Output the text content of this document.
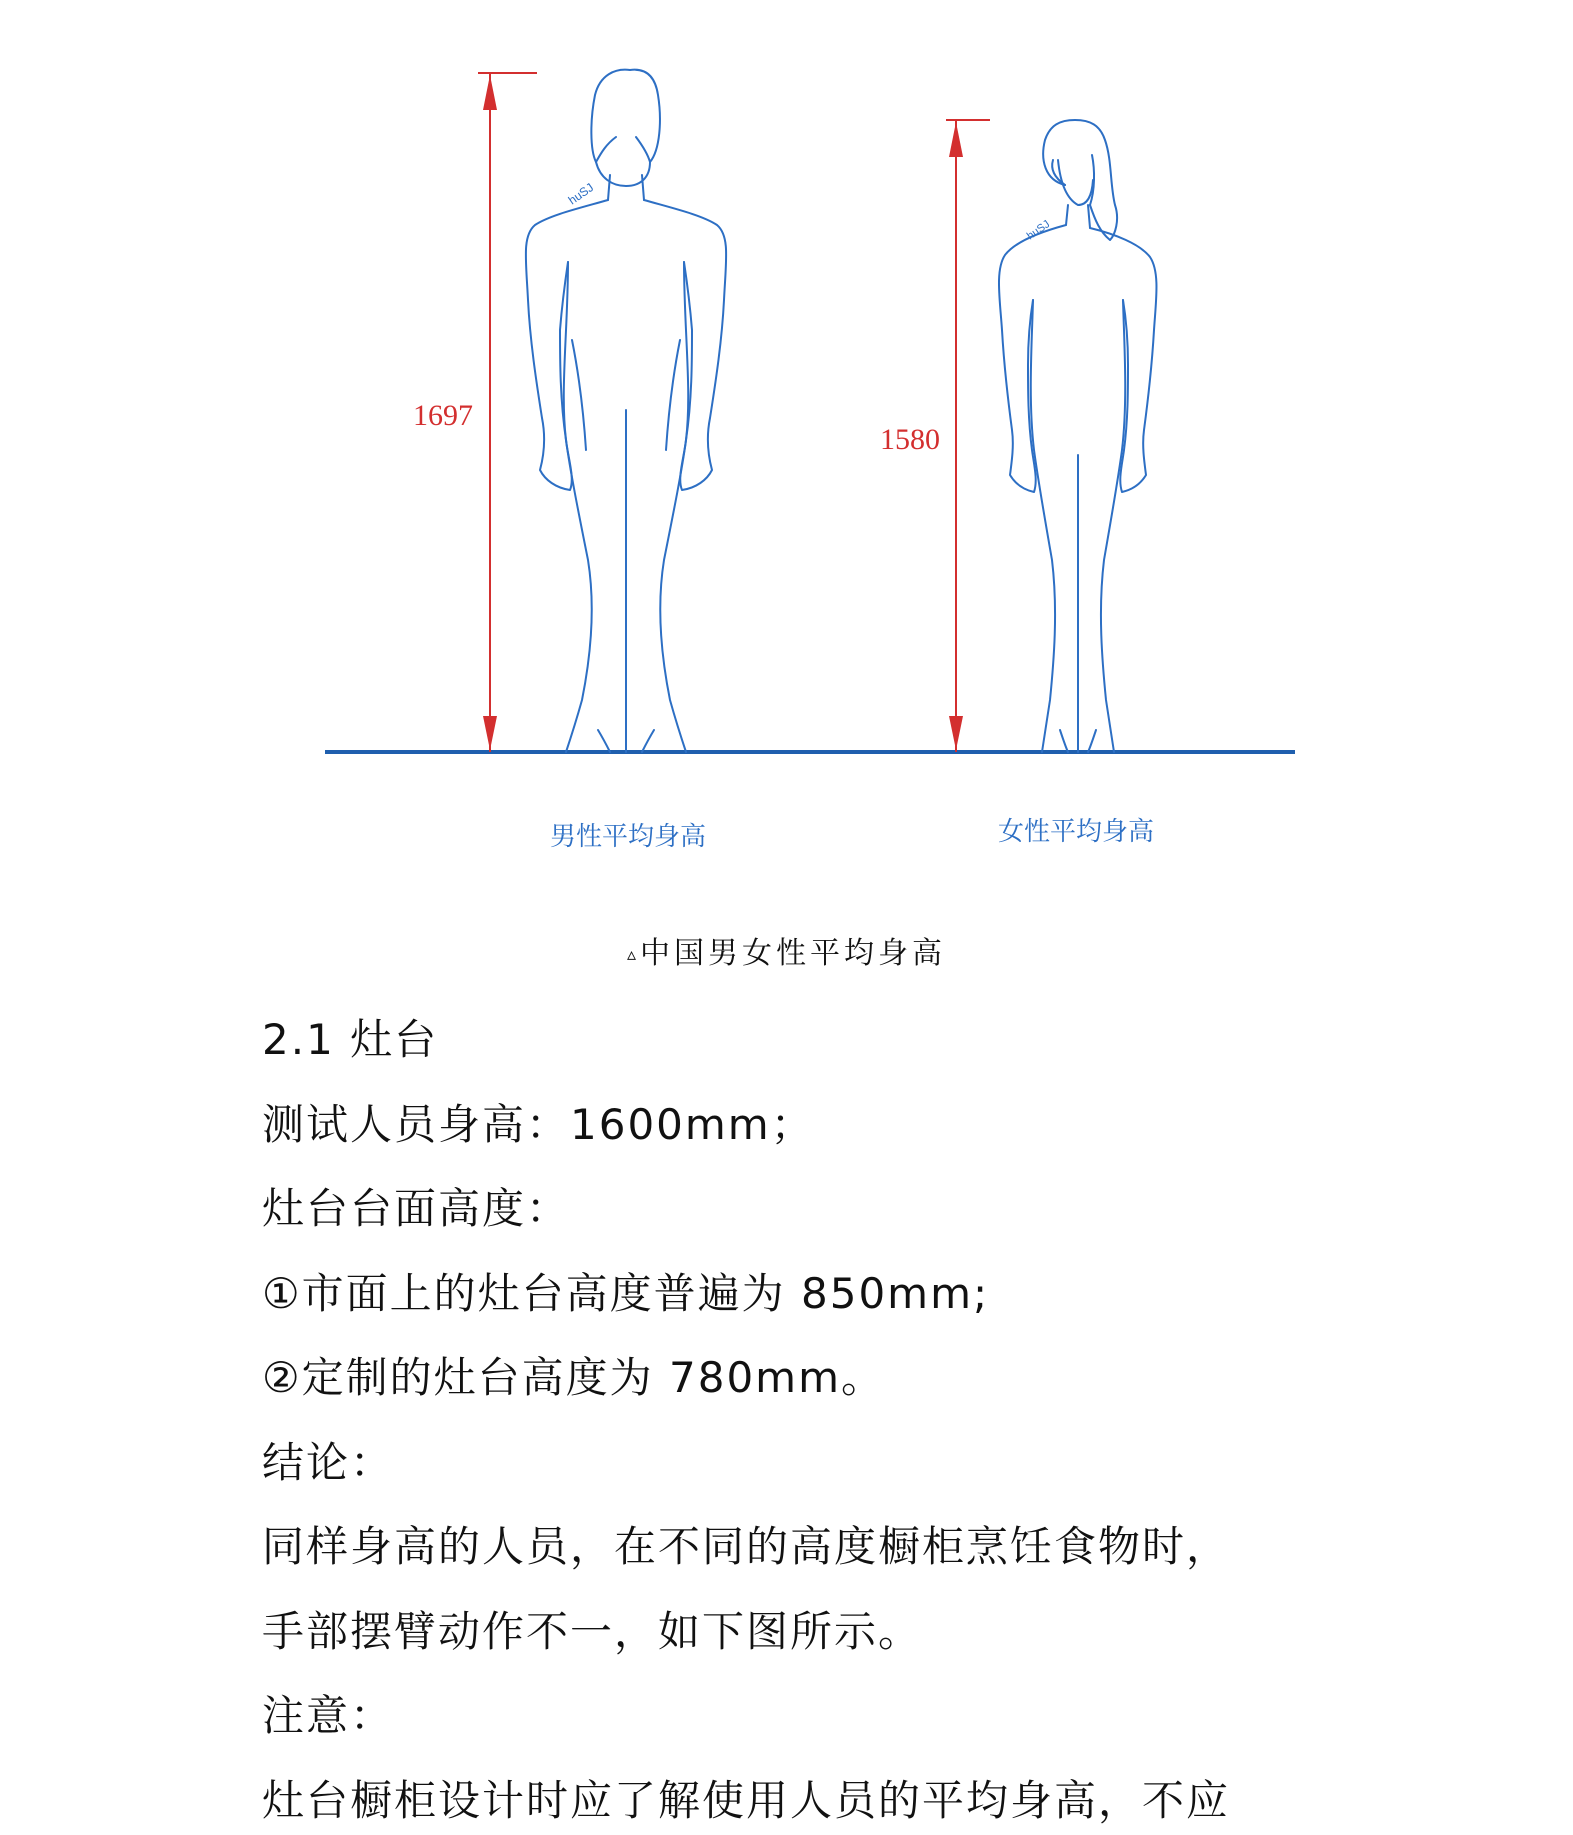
huSJ
huSJ
1697
1580
男性平均身高	女性平均身高
▵ 中国男女性平均身高
2.1 灶台
测试人员身高：1600mm；
灶台台面高度：
①市面上的灶台高度普遍为 850mm;
②定制的灶台高度为 780mm。
结论：
同样身高的人员，在不同的高度橱柜烹饪食物时，
手部摆臂动作不一，如下图所示。
注意：
灶台橱柜设计时应了解使用人员的平均身高，不应
